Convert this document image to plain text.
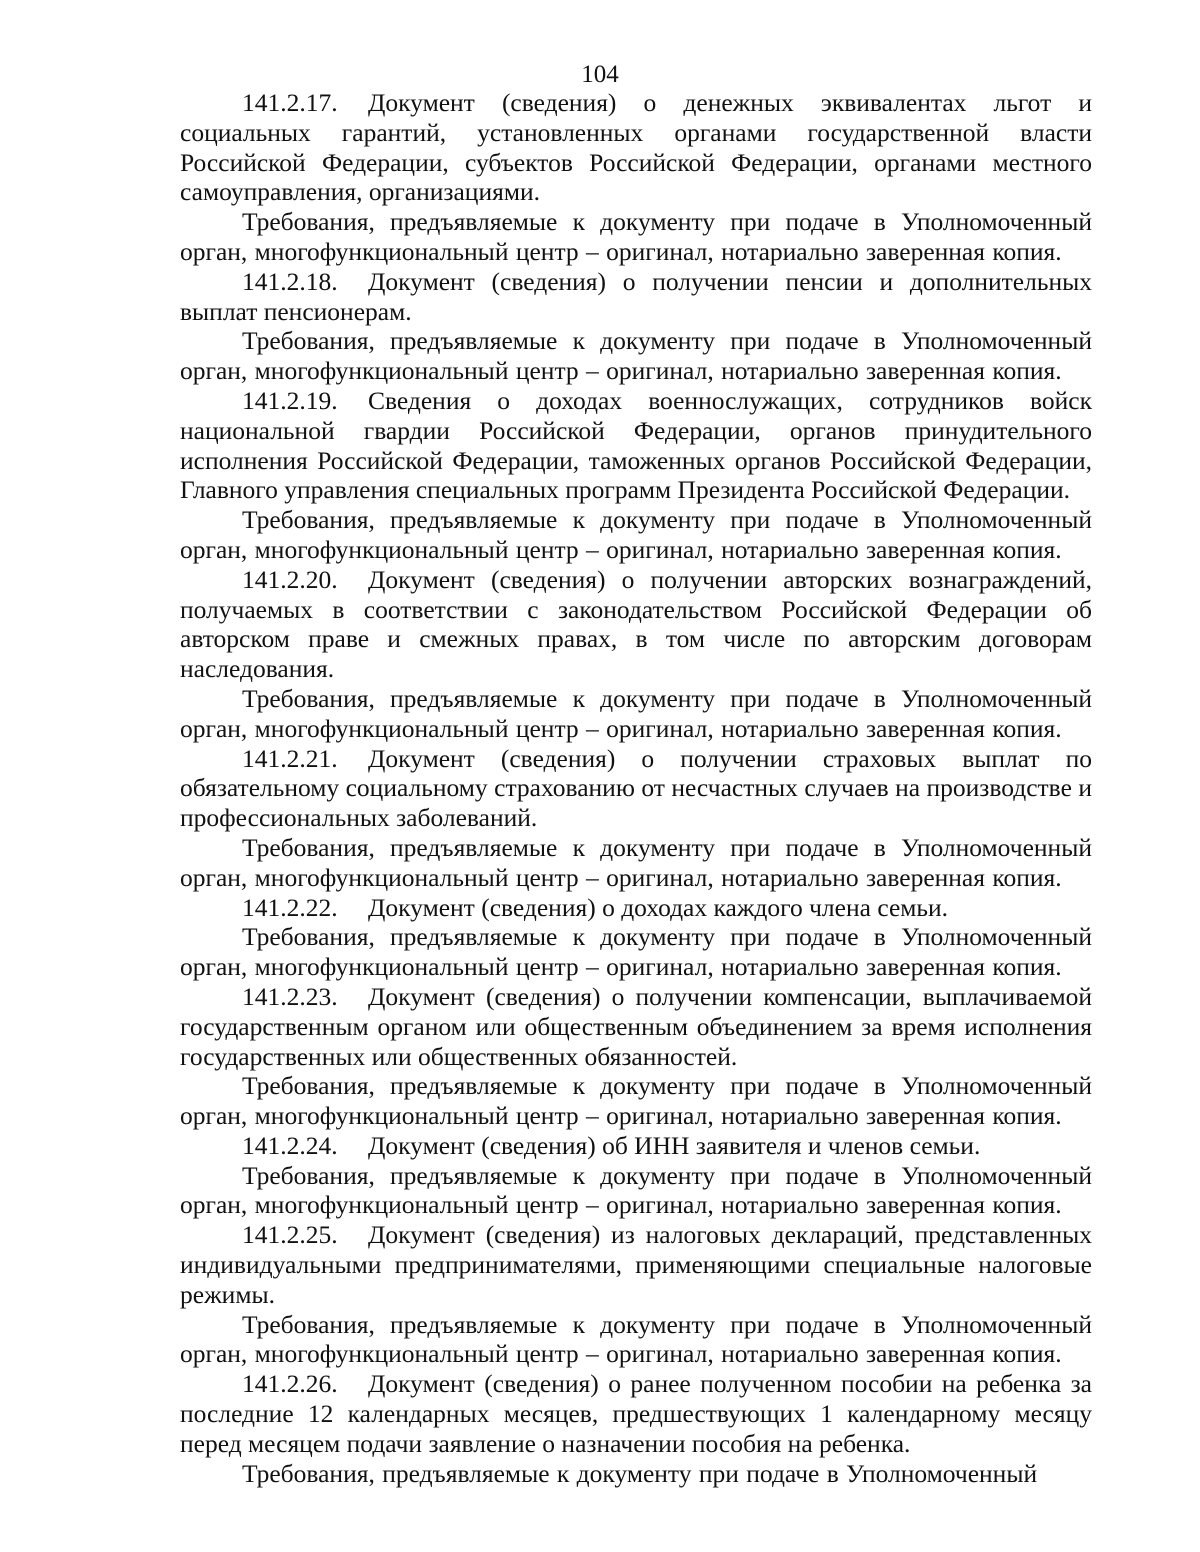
104

141.2.17. Документ (сведения) о денежных эквивалентах льгот и социальных гарантий, установленных органами государственной власти Российской Федерации, субъектов Российской Федерации, органами местного самоуправления, организациями.

Требования, предъявляемые к документу при подаче в Уполномоченный орган, многофункциональный центр – оригинал, нотариально заверенная копия.

141.2.18. Документ (сведения) о получении пенсии и дополнительных выплат пенсионерам.

Требования, предъявляемые к документу при подаче в Уполномоченный орган, многофункциональный центр – оригинал, нотариально заверенная копия.

141.2.19. Сведения о доходах военнослужащих, сотрудников войск национальной гвардии Российской Федерации, органов принудительного исполнения Российской Федерации, таможенных органов Российской Федерации, Главного управления специальных программ Президента Российской Федерации.

Требования, предъявляемые к документу при подаче в Уполномоченный орган, многофункциональный центр – оригинал, нотариально заверенная копия.

141.2.20. Документ (сведения) о получении авторских вознаграждений, получаемых в соответствии с законодательством Российской Федерации об авторском праве и смежных правах, в том числе по авторским договорам наследования.

Требования, предъявляемые к документу при подаче в Уполномоченный орган, многофункциональный центр – оригинал, нотариально заверенная копия.

141.2.21. Документ (сведения) о получении страховых выплат по обязательному социальному страхованию от несчастных случаев на производстве и профессиональных заболеваний.

Требования, предъявляемые к документу при подаче в Уполномоченный орган, многофункциональный центр – оригинал, нотариально заверенная копия.

141.2.22. Документ (сведения) о доходах каждого члена семьи.

Требования, предъявляемые к документу при подаче в Уполномоченный орган, многофункциональный центр – оригинал, нотариально заверенная копия.

141.2.23. Документ (сведения) о получении компенсации, выплачиваемой государственным органом или общественным объединением за время исполнения государственных или общественных обязанностей.

Требования, предъявляемые к документу при подаче в Уполномоченный орган, многофункциональный центр – оригинал, нотариально заверенная копия.

141.2.24. Документ (сведения) об ИНН заявителя и членов семьи.

Требования, предъявляемые к документу при подаче в Уполномоченный орган, многофункциональный центр – оригинал, нотариально заверенная копия.

141.2.25. Документ (сведения) из налоговых деклараций, представленных индивидуальными предпринимателями, применяющими специальные налоговые режимы.

Требования, предъявляемые к документу при подаче в Уполномоченный орган, многофункциональный центр – оригинал, нотариально заверенная копия.

141.2.26. Документ (сведения) о ранее полученном пособии на ребенка за последние 12 календарных месяцев, предшествующих 1 календарному месяцу перед месяцем подачи заявление о назначении пособия на ребенка.

Требования, предъявляемые к документу при подаче в Уполномоченный
